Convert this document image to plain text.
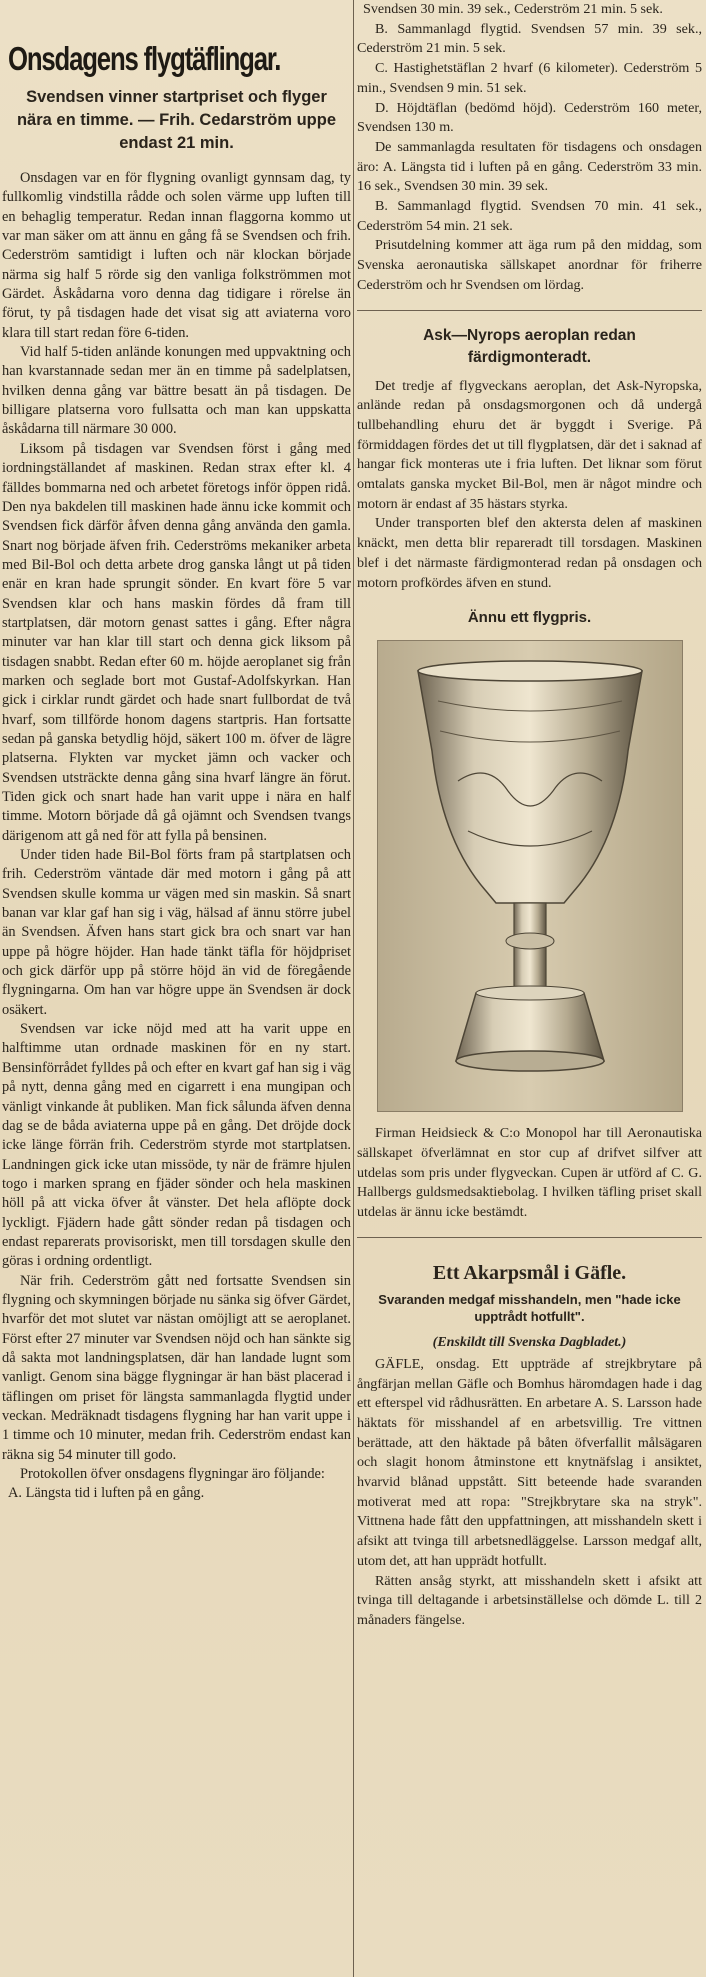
Onsdagens flygtäflingar.
Svendsen vinner startpriset och flyger nära en timme. — Frih. Cedarström uppe endast 21 min.

Onsdagen var en för flygning ovanligt gynnsam dag, ty fullkomlig vindstilla rådde och solen värme upp luften till en behaglig temperatur. Redan innan flaggorna kommo ut var man säker om att ännu en gång få se Svendsen och frih. Cederström samtidigt i luften och när klockan började närma sig half 5 rörde sig den vanliga folkströmmen mot Gärdet. Åskådarna voro denna dag tidigare i rörelse än förut, ty på tisdagen hade det visat sig att aviaterna voro klara till start redan före 6-tiden.

Vid half 5-tiden anlände konungen med uppvaktning och han kvarstannade sedan mer än en timme på sadelplatsen, hvilken denna gång var bättre besatt än på tisdagen. De billigare platserna voro fullsatta och man kan uppskatta åskådarna till närmare 30 000.

Liksom på tisdagen var Svendsen först i gång med iordningställandet af maskinen. Redan strax efter kl. 4 fälldes bommarna ned och arbetet företogs inför öppen ridå. Den nya bakdelen till maskinen hade ännu icke kommit och Svendsen fick därför åfven denna gång använda den gamla. Snart nog började äfven frih. Cederströms mekaniker arbeta med Bil-Bol och detta arbete drog ganska långt ut på tiden enär en kran hade sprungit sönder. En kvart före 5 var Svendsen klar och hans maskin fördes då fram till startplatsen, där motorn genast sattes i gång. Efter några minuter var han klar till start och denna gick liksom på tisdagen snabbt. Redan efter 60 m. höjde aeroplanet sig från marken och seglade bort mot Gustaf-Adolfskyrkan. Han gick i cirklar rundt gärdet och hade snart fullbordat de två hvarf, som tillförde honom dagens startpris. Han fortsatte sedan på ganska betydlig höjd, säkert 100 m. öfver de lägre platserna. Flykten var mycket jämn och vacker och Svendsen utsträckte denna gång sina hvarf längre än förut. Tiden gick och snart hade han varit uppe i nära en half timme. Motorn började då gå ojämnt och Svendsen tvangs därigenom att gå ned för att fylla på bensinen.

Under tiden hade Bil-Bol förts fram på startplatsen och frih. Cederström väntade där med motorn i gång på att Svendsen skulle komma ur vägen med sin maskin. Så snart banan var klar gaf han sig i väg, hälsad af ännu större jubel än Svendsen. Äfven hans start gick bra och snart var han uppe på högre höjder. Han hade tänkt täfla för höjdpriset och gick därför upp på större höjd än vid de föregående flygningarna. Om han var högre uppe än Svendsen är dock osäkert.

Svendsen var icke nöjd med att ha varit uppe en halftimme utan ordnade maskinen för en ny start. Bensinförrådet fylldes på och efter en kvart gaf han sig i väg på nytt, denna gång med en cigarrett i ena mungipan och vänligt vinkande åt publiken. Man fick sålunda äfven denna dag se de båda aviaterna uppe på en gång. Det dröjde dock icke länge förrän frih. Cederström styrde mot startplatsen. Landningen gick icke utan missöde, ty när de främre hjulen togo i marken sprang en fjäder sönder och hela maskinen höll på att vicka öfver åt vänster. Det hela aflöpte dock lyckligt. Fjädern hade gått sönder redan på tisdagen och endast reparerats provisoriskt, men till torsdagen skulle den göras i ordning ordentligt.

När frih. Cederström gått ned fortsatte Svendsen sin flygning och skymningen började nu sänka sig öfver Gärdet, hvarför det mot slutet var nästan omöjligt att se aeroplanet. Först efter 27 minuter var Svendsen nöjd och han sänkte sig då sakta mot landningsplatsen, där han landade lugnt som vanligt. Genom sina bägge flygningar är han bäst placerad i täflingen om priset för längsta sammanlagda flygtid under veckan. Medräknadt tisdagens flygning har han varit uppe i 1 timme och 10 minuter, medan frih. Cederström endast kan räkna sig 54 minuter till godo.

Protokollen öfver onsdagens flygningar äro följande:

A. Längsta tid i luften på en gång.

Svendsen 30 min. 39 sek., Cederström 21 min. 5 sek.

B. Sammanlagd flygtid. Svendsen 57 min. 39 sek., Cederström 21 min. 5 sek.

C. Hastighetstäflan 2 hvarf (6 kilometer). Cederström 5 min., Svendsen 9 min. 51 sek.

D. Höjdtäflan (bedömd höjd). Cederström 160 meter, Svendsen 130 m.

De sammanlagda resultaten för tisdagens och onsdagen äro: A. Längsta tid i luften på en gång. Cederström 33 min. 16 sek., Svendsen 30 min. 39 sek.

B. Sammanlagd flygtid. Svendsen 70 min. 41 sek., Cederström 54 min. 21 sek.

Prisutdelning kommer att äga rum på den middag, som Svenska aeronautiska sällskapet anordnar för friherre Cederström och hr Svendsen om lördag.

Ask—Nyrops aeroplan redan färdigmonteradt.

Det tredje af flygveckans aeroplan, det Ask-Nyropska, anlände redan på onsdagsmorgonen och då undergå tullbehandling ehuru det är byggdt i Sverige. På förmiddagen fördes det ut till flygplatsen, där det i saknad af hangar fick monteras ute i fria luften. Det liknar som förut omtalats ganska mycket Bil-Bol, men är något mindre och motorn är endast af 35 hästars styrka.

Under transporten blef den aktersta delen af maskinen knäckt, men detta blir repareradt till torsdagen. Maskinen blef i det närmaste färdigmonterad redan på onsdagen och motorn profkördes äfven en stund.

Ännu ett flygpris.

Firman Heidsieck & C:o Monopol har till Aeronautiska sällskapet öfverlämnat en stor cup af drifvet silfver att utdelas som pris under flygveckan. Cupen är utförd af C. G. Hallbergs guldsmedsaktiebolag. I hvilken täfling priset skall utdelas är ännu icke bestämdt.

Ett Akarpsmål i Gäfle.
Svaranden medgaf misshandeln, men "hade icke upptrådt hotfullt".
(Enskildt till Svenska Dagbladet.)

GÄFLE, onsdag. Ett uppträde af strejkbrytare på ångfärjan mellan Gäfle och Bomhus häromdagen hade i dag ett efterspel vid rådhusrätten. En arbetare A. S. Larsson hade häktats för misshandel af en arbetsvillig. Tre vittnen berättade, att den häktade på båten öfverfallit målsägaren och slagit honom åtminstone ett knytnäfslag i ansiktet, hvarvid blånad uppstått. Sitt beteende hade svaranden motiverat med att ropa: "Strejkbrytare ska na stryk". Vittnena hade fått den uppfattningen, att misshandeln skett i afsikt att tvinga till arbetsnedläggelse. Larsson medgaf allt, utom det, att han upprädt hotfullt.

Rätten ansåg styrkt, att misshandeln skett i afsikt att tvinga till deltagande i arbetsinställelse och dömde L. till 2 månaders fängelse.
